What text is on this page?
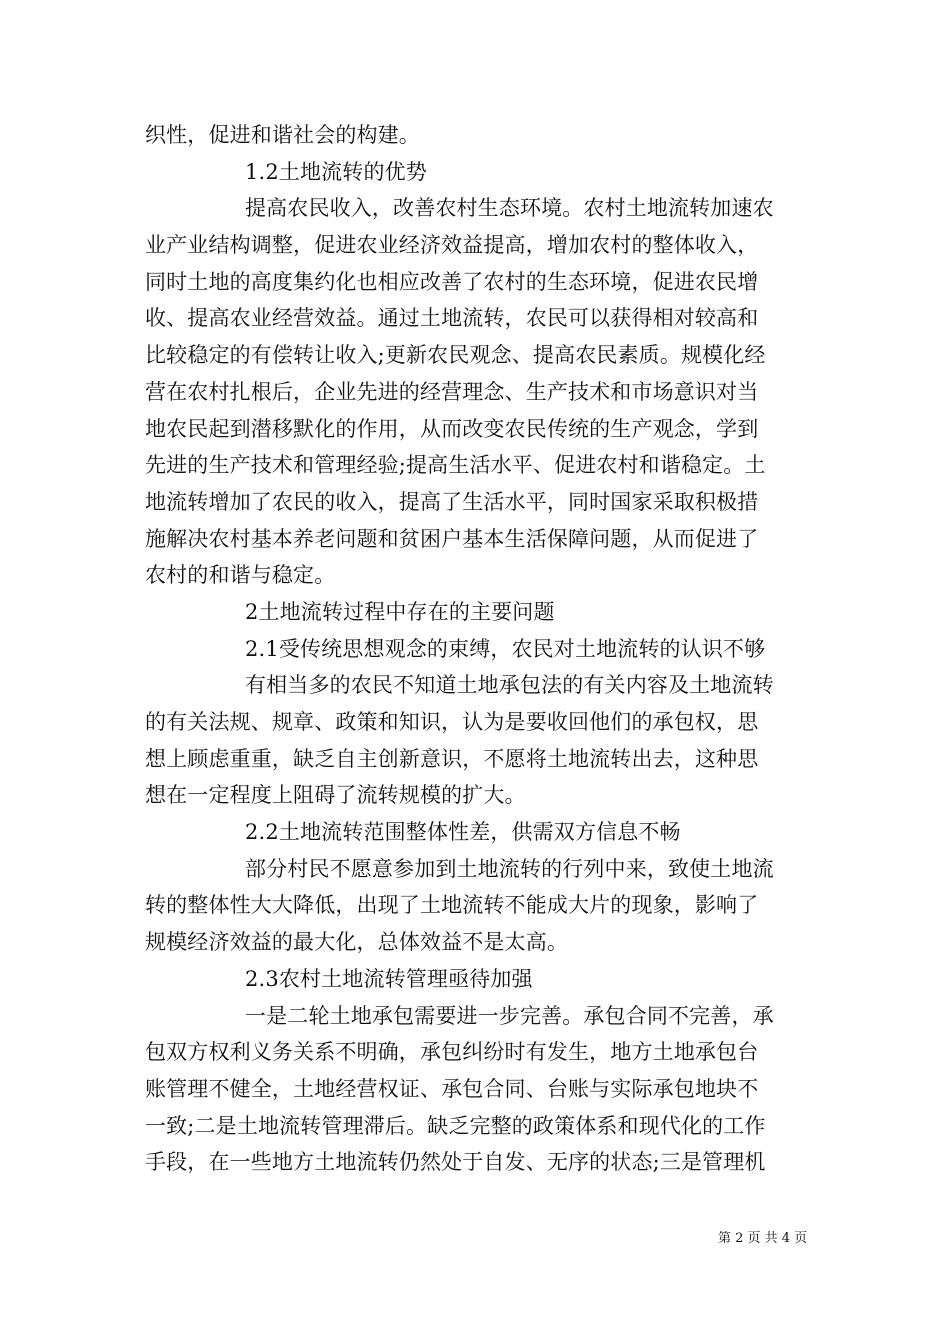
织性，促进和谐社会的构建。
1.2土地流转的优势
提高农民收入，改善农村生态环境。农村土地流转加速农
业产业结构调整，促进农业经济效益提高，增加农村的整体收入，
同时土地的高度集约化也相应改善了农村的生态环境，促进农民增
收、提高农业经营效益。通过土地流转，农民可以获得相对较高和
比较稳定的有偿转让收入;更新农民观念、提高农民素质。规模化经
营在农村扎根后，企业先进的经营理念、生产技术和市场意识对当
地农民起到潜移默化的作用，从而改变农民传统的生产观念，学到
先进的生产技术和管理经验;提高生活水平、促进农村和谐稳定。土
地流转增加了农民的收入，提高了生活水平，同时国家采取积极措
施解决农村基本养老问题和贫困户基本生活保障问题，从而促进了
农村的和谐与稳定。
2土地流转过程中存在的主要问题
2.1受传统思想观念的束缚，农民对土地流转的认识不够
有相当多的农民不知道土地承包法的有关内容及土地流转
的有关法规、规章、政策和知识，认为是要收回他们的承包权，思
想上顾虑重重，缺乏自主创新意识，不愿将土地流转出去，这种思
想在一定程度上阻碍了流转规模的扩大。
2.2土地流转范围整体性差，供需双方信息不畅
部分村民不愿意参加到土地流转的行列中来，致使土地流
转的整体性大大降低，出现了土地流转不能成大片的现象，影响了
规模经济效益的最大化，总体效益不是太高。
2.3农村土地流转管理亟待加强
一是二轮土地承包需要进一步完善。承包合同不完善，承
包双方权利义务关系不明确，承包纠纷时有发生，地方土地承包台
账管理不健全，土地经营权证、承包合同、台账与实际承包地块不
一致;二是土地流转管理滞后。缺乏完整的政策体系和现代化的工作
手段，在一些地方土地流转仍然处于自发、无序的状态;三是管理机
第 2 页 共 4 页
